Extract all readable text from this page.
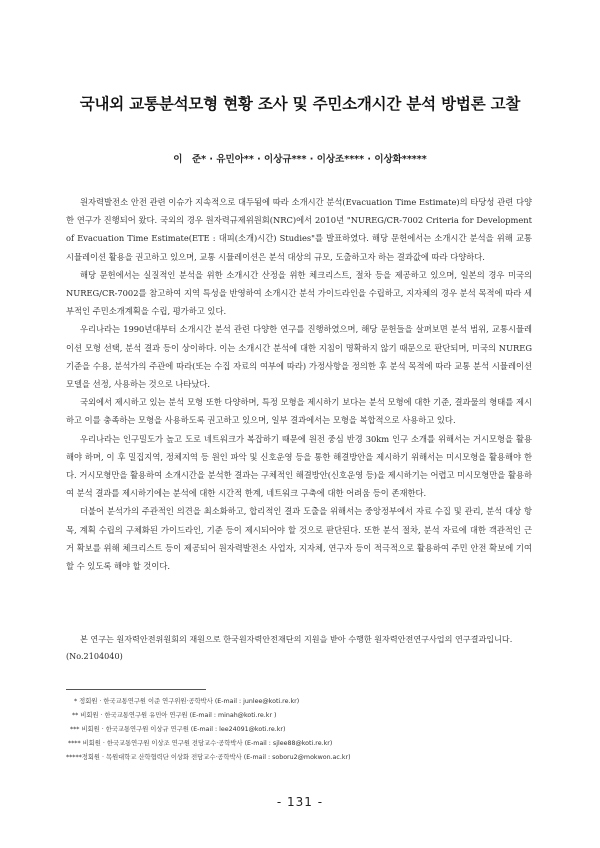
국내외 교통분석모형 현황 조사 및 주민소개시간 분석 방법론 고찰
이　준* · 유민아** · 이상규*** · 이상조**** · 이상화*****

원자력발전소 안전 관련 이슈가 지속적으로 대두됨에 따라 소개시간 분석(Evacuation Time Estimate)의 타당성 관련 다양한 연구가 진행되어 왔다. 국외의 경우 원자력규제위원회(NRC)에서 2010년 "NUREG/CR-7002 Criteria for Development of Evacuation Time Estimate(ETE : 대피(소개)시간) Studies"를 발표하였다. 해당 문헌에서는 소개시간 분석을 위해 교통시뮬레이션 활용을 권고하고 있으며, 교통 시뮬레이션은 분석 대상의 규모, 도출하고자 하는 결과값에 따라 다양하다.

해당 문헌에서는 실질적인 분석을 위한 소개시간 산정을 위한 체크리스트, 절차 등을 제공하고 있으며, 일본의 경우 미국의 NUREG/CR-7002를 참고하여 지역 특성을 반영하여 소개시간 분석 가이드라인을 수립하고, 지자체의 경우 분석 목적에 따라 세부적인 주민소개계획을 수립, 평가하고 있다.

우리나라는 1990년대부터 소개시간 분석 관련 다양한 연구를 진행하였으며, 해당 문헌들을 살펴보면 분석 범위, 교통시뮬레이션 모형 선택, 분석 결과 등이 상이하다. 이는 소개시간 분석에 대한 지침이 명확하지 않기 때문으로 판단되며, 미국의 NUREG 기준을 수용, 분석가의 주관에 따라(또는 수집 자료의 여부에 따라) 가정사항을 정의한 후 분석 목적에 따라 교통 분석 시뮬레이션 모델을 선정, 사용하는 것으로 나타났다.

국외에서 제시하고 있는 분석 모형 또한 다양하며, 특정 모형을 제시하기 보다는 분석 모형에 대한 기준, 결과물의 형태를 제시하고 이를 충족하는 모형을 사용하도록 권고하고 있으며, 일부 결과에서는 모형을 복합적으로 사용하고 있다.

우리나라는 인구밀도가 높고 도로 네트워크가 복잡하기 때문에 원전 중심 반경 30km 인구 소개를 위해서는 거시모형을 활용해야 하며, 이 후 밀집지역, 정체지역 등 원인 파악 및 신호운영 등을 통한 해결방안을 제시하기 위해서는 미시모형을 활용해야 한다. 거시모형만을 활용하여 소개시간을 분석한 결과는 구체적인 해결방안(신호운영 등)을 제시하기는 어렵고 미시모형만을 활용하여 분석 결과를 제시하기에는 분석에 대한 시간적 한계, 네트워크 구축에 대한 어려움 등이 존재한다.

더불어 분석가의 주관적인 의견을 최소화하고, 합리적인 결과 도출을 위해서는 중앙정부에서 자료 수집 및 관리, 분석 대상 항목, 계획 수립의 구체화된 가이드라인, 기준 등이 제시되어야 할 것으로 판단된다. 또한 분석 절차, 분석 자료에 대한 객관적인 근거 확보를 위해 체크리스트 등이 제공되어 원자력발전소 사업자, 지자체, 연구자 등이 적극적으로 활용하여 주민 안전 확보에 기여할 수 있도록 해야 할 것이다.

본 연구는 원자력안전위원회의 재원으로 한국원자력안전재단의 지원을 받아 수행한 원자력안전연구사업의 연구결과입니다. (No.2104040)
* 정회원 · 한국교통연구원 이준 연구위원·공학박사 (E-mail : junlee@koti.re.kr)
** 비회원 · 한국교통연구원 유민아 연구원 (E-mail : minah@koti.re.kr )
*** 비회원 · 한국교통연구원 이상규 연구원 (E-mail : lee24091@koti.re.kr)
**** 비회원 · 한국교통연구원 이상조 연구원 전담교수·공학박사 (E-mail : sjlee88@koti.re.kr)
*****정회원 · 목원대학교 산학협력단 이상화 전담교수·공학박사 (E-mail : soboru2@mokwon.ac.kr)
- 131 -
